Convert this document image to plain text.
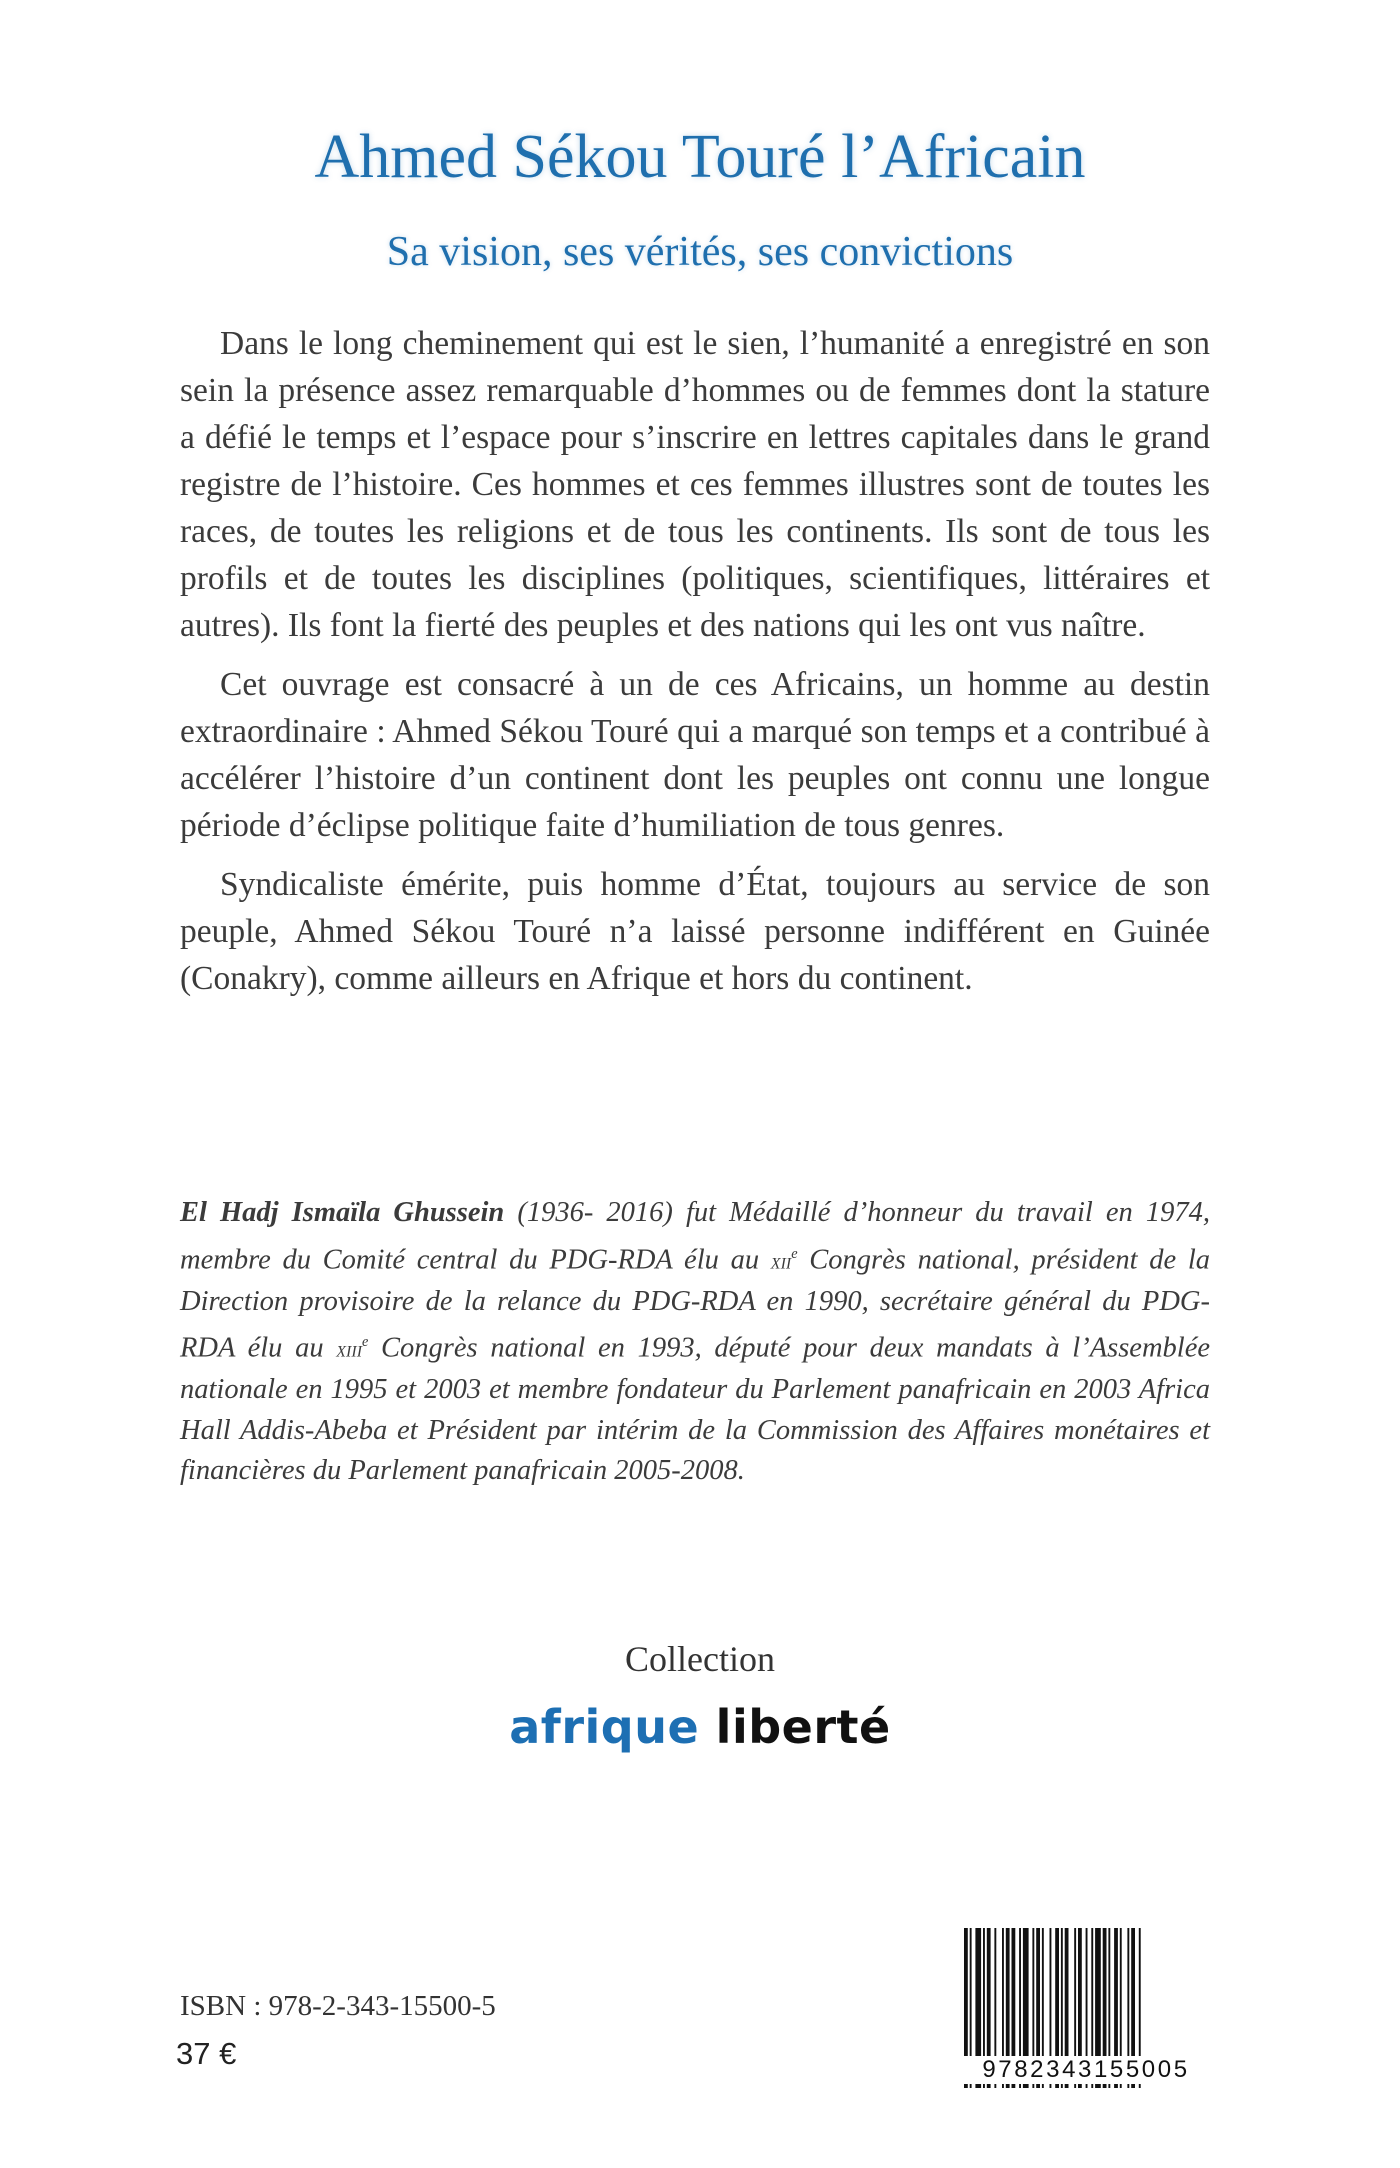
Ahmed Sékou Touré l’Africain
Sa vision, ses vérités, ses convictions

Dans le long cheminement qui est le sien, l’humanité a enregistré en son sein la présence assez remarquable d’hommes ou de femmes dont la stature a défié le temps et l’espace pour s’inscrire en lettres capitales dans le grand registre de l’histoire. Ces hommes et ces femmes illustres sont de toutes les races, de toutes les religions et de tous les continents. Ils sont de tous les profils et de toutes les disciplines (politiques, scientifiques, littéraires et autres). Ils font la fierté des peuples et des nations qui les ont vus naître.

Cet ouvrage est consacré à un de ces Africains, un homme au destin extraordinaire : Ahmed Sékou Touré qui a marqué son temps et a contribué à accélérer l’histoire d’un continent dont les peuples ont connu une longue période d’éclipse politique faite d’humiliation de tous genres.

Syndicaliste émérite, puis homme d’État, toujours au service de son peuple, Ahmed Sékou Touré n’a laissé personne indifférent en Guinée (Conakry), comme ailleurs en Afrique et hors du continent.

El Hadj Ismaïla Ghussein (1936- 2016) fut Médaillé d’honneur du travail en 1974, membre du Comité central du PDG-RDA élu au xii$^e$ Congrès national, président de la Direction provisoire de la relance du PDG-RDA en 1990, secrétaire général du PDG-RDA élu au xiii$^e$ Congrès national en 1993, député pour deux mandats à l’Assemblée nationale en 1995 et 2003 et membre fondateur du Parlement panafricain en 2003 Africa Hall Addis-Abeba et Président par intérim de la Commission des Affaires monétaires et financières du Parlement panafricain 2005-2008.

Collection
afrique liberté
ISBN : 978-2-343-15500-5
37 €	9782343155005
